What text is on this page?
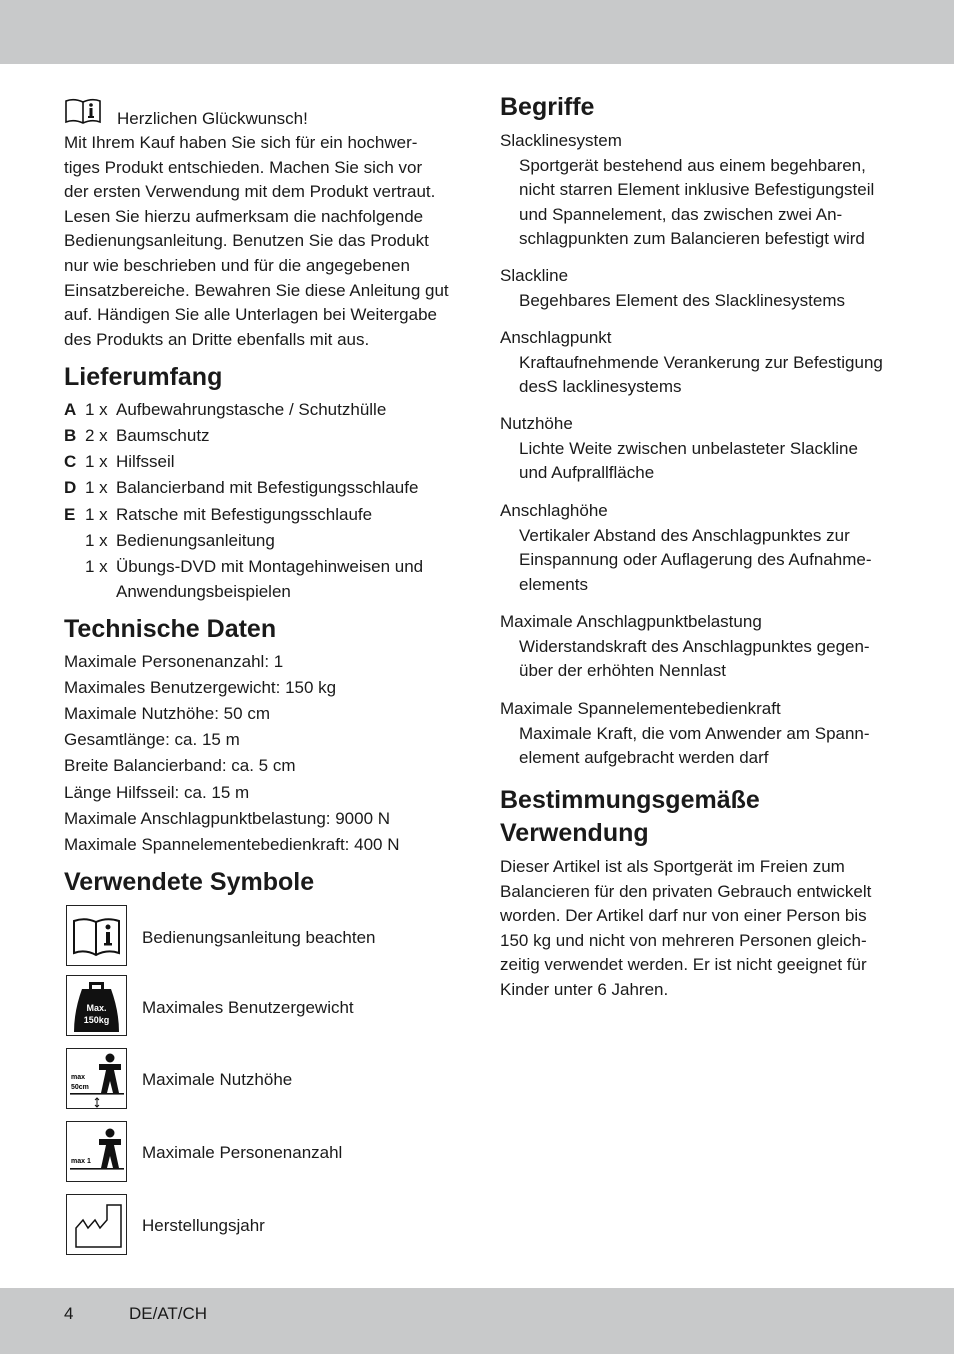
Herzlichen Glückwunsch!
Mit Ihrem Kauf haben Sie sich für ein hochwer-
tiges Produkt entschieden. Machen Sie sich vor
der ersten Verwendung mit dem Produkt vertraut.
Lesen Sie hierzu aufmerksam die nachfolgende
Bedienungsanleitung. Benutzen Sie das Produkt
nur wie beschrieben und für die angegebenen
Einsatzbereiche. Bewahren Sie diese Anleitung gut
auf. Händigen Sie alle Unterlagen bei Weitergabe
des Produkts an Dritte ebenfalls mit aus.
Lieferumfang
A 1 x Aufbewahrungstasche / Schutzhülle
B 2 x Baumschutz
C 1 x Hilfsseil
D 1 x Balancierband mit Befestigungsschlaufe
E 1 x Ratsche mit Befestigungsschlaufe
1 x Bedienungsanleitung
1 x Übungs-DVD mit Montagehinweisen und
Anwendungsbeispielen
Technische Daten
Maximale Personenanzahl: 1
Maximales Benutzergewicht: 150 kg
Maximale Nutzhöhe: 50 cm
Gesamtlänge: ca. 15 m
Breite Balancierband: ca. 5 cm
Länge Hilfsseil: ca. 15 m
Maximale Anschlagpunktbelastung: 9000 N
Maximale Spannelementebedienkraft: 400 N
Verwendete Symbole
Bedienungsanleitung beachten
Max.
150kg
Maximales Benutzergewicht
max
50cm	Maximale Nutzhöhe
max 1	Maximale Personenanzahl
Herstellungsjahr
Begriffe
Slacklinesystem
Sportgerät bestehend aus einem begehbaren,
nicht starren Element inklusive Befestigungsteil
und Spannelement, das zwischen zwei An-
schlagpunkten zum Balancieren befestigt wird
Slackline
Begehbares Element des Slacklinesystems
Anschlagpunkt
Kraftaufnehmende Verankerung zur Befestigung
desS lacklinesystems
Nutzhöhe
Lichte Weite zwischen unbelasteter Slackline
und Aufprallfläche
Anschlaghöhe
Vertikaler Abstand des Anschlagpunktes zur
Einspannung oder Auflagerung des Aufnahme-
elements
Maximale Anschlagpunktbelastung
Widerstandskraft des Anschlagpunktes gegen-
über der erhöhten Nennlast
Maximale Spannelementebedienkraft
Maximale Kraft, die vom Anwender am Spann-
element aufgebracht werden darf
Bestimmungsgemäße
Verwendung
Dieser Artikel ist als Sportgerät im Freien zum
Balancieren für den privaten Gebrauch entwickelt
worden. Der Artikel darf nur von einer Person bis
150 kg und nicht von mehreren Personen gleich-
zeitig verwendet werden. Er ist nicht geeignet für
Kinder unter 6 Jahren.
4	DE/AT/CH
